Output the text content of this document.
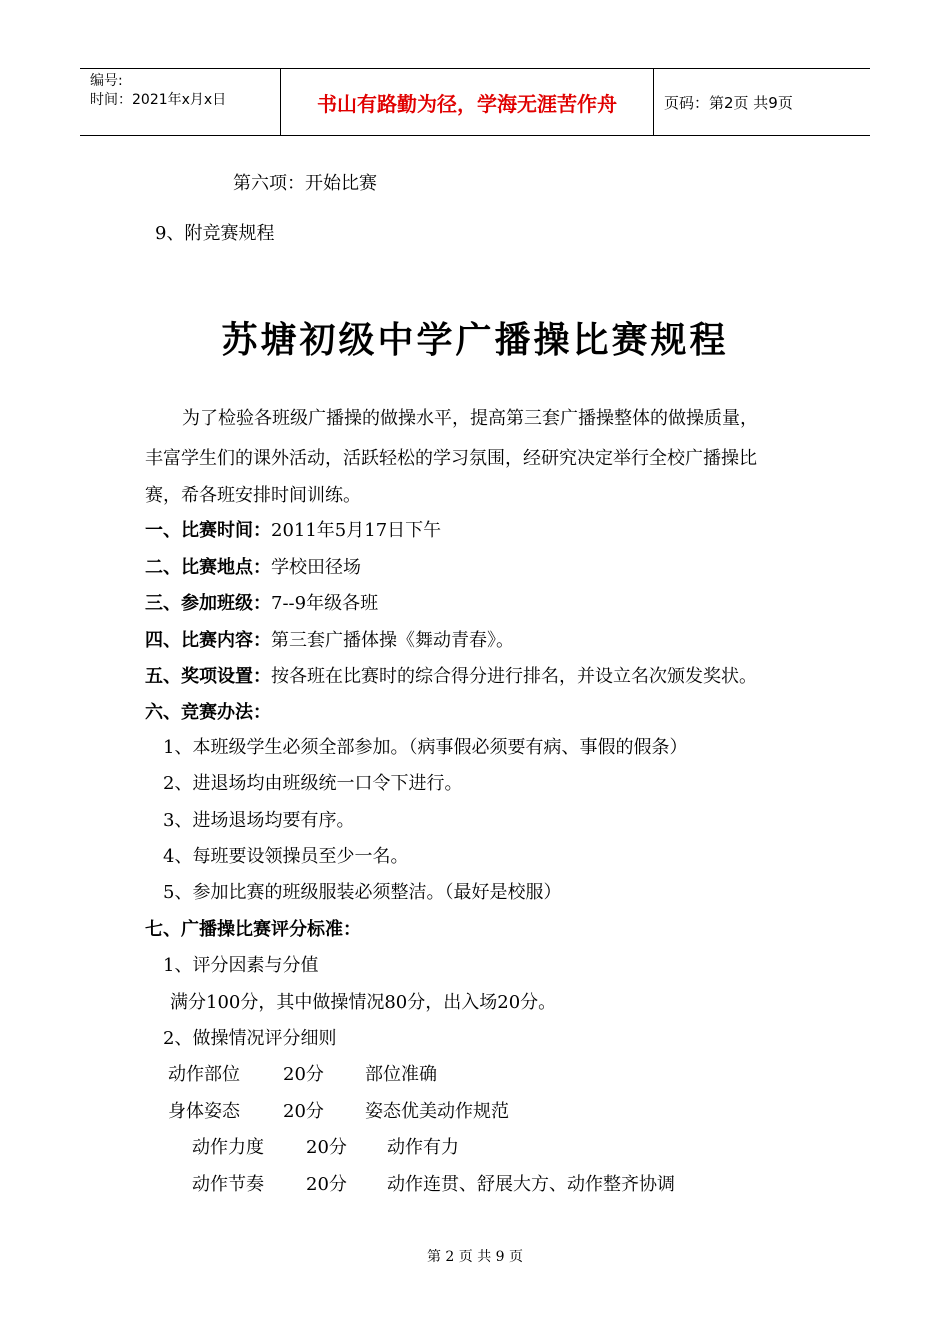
编号:
时间：2021年x月x日	书山有路勤为径，学海无涯苦作舟	页码：第2页 共9页
第六项：开始比赛
9、附竞赛规程
苏塘初级中学广播操比赛规程
为了检验各班级广播操的做操水平，提高第三套广播操整体的做操质量，
丰富学生们的课外活动，活跃轻松的学习氛围，经研究决定举行全校广播操比
赛，希各班安排时间训练。
一、比赛时间：2011年5月17日下午
二、比赛地点：学校田径场
三、参加班级：7--9年级各班
四、比赛内容：第三套广播体操《舞动青春》。
五、奖项设置：按各班在比赛时的综合得分进行排名，并设立名次颁发奖状。
六、竞赛办法：
1、本班级学生必须全部参加。（病事假必须要有病、事假的假条）
2、进退场均由班级统一口令下进行。
3、进场退场均要有序。
4、每班要设领操员至少一名。
5、参加比赛的班级服装必须整洁。（最好是校服）
七、广播操比赛评分标准：
1、评分因素与分值
满分100分，其中做操情况80分，出入场20分。
2、做操情况评分细则
动作部位 20分 部位准确
身体姿态 20分 姿态优美动作规范
动作力度 20分 动作有力
动作节奏 20分 动作连贯、舒展大方、动作整齐协调
第 2 页 共 9 页
